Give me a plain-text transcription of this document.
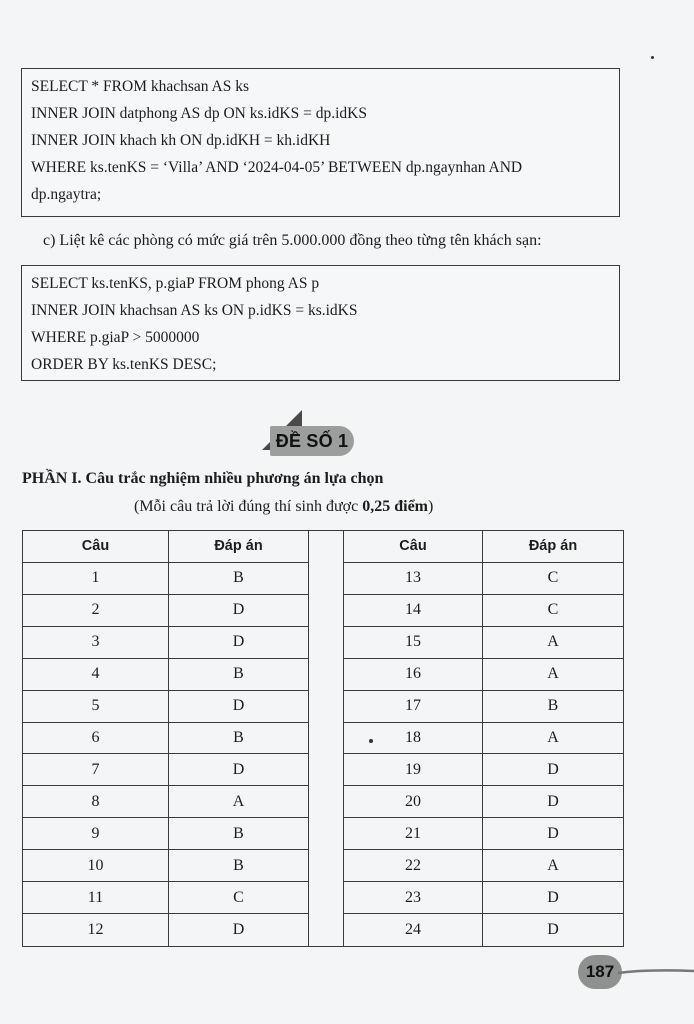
SELECT * FROM khachsan AS ks
INNER JOIN datphong AS dp ON ks.idKS = dp.idKS
INNER JOIN khach kh ON dp.idKH = kh.idKH
WHERE ks.tenKS = ‘Villa’ AND ‘2024-04-05’ BETWEEN dp.ngaynhan AND
dp.ngaytra;
c) Liệt kê các phòng có mức giá trên 5.000.000 đồng theo từng tên khách sạn:
SELECT ks.tenKS, p.giaP FROM phong AS p
INNER JOIN khachsan AS ks ON p.idKS = ks.idKS
WHERE p.giaP > 5000000
ORDER BY ks.tenKS DESC;
ĐỀ SỐ 1
PHẦN I. Câu trắc nghiệm nhiều phương án lựa chọn
(Mỗi câu trả lời đúng thí sinh được 0,25 điểm)
Câu	Đáp án
1	B
2	D
3	D
4	B
5	D
6	B
7	D
8	A
9	B
10	B
11	C
12	D
Câu	Đáp án
13	C
14	C
15	A
16	A
17	B
18	A
19	D
20	D
21	D
22	A
23	D
24	D
187
